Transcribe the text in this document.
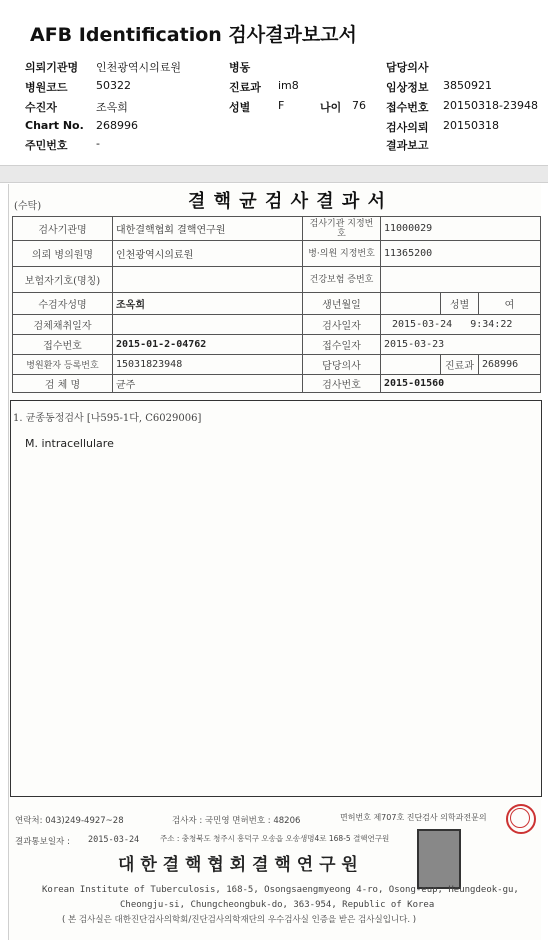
AFB Identification 검사결과보고서
의뢰기관명 인천광역시의료원	병동	담당의사
병원코드	50322	진료과 im8	임상정보 3850921
수진자	조옥희	성별	F	나이 76 접수번호 20150318-23948
Chart No. 268996	검사의뢰 20150318
주민번호	-	결과보고
(수탁)	결 핵 균 검 사 결 과 서
검사기관명	대한결핵협회 결핵연구원	검사기관 지정번호	11000029		
의뢰 병의원명	인천광역시의료원	병·의원 지정번호	11365200		
보험자기호(명칭)		건강보험 증번호			
수검자성명	조옥희	생년월일		성별	여
검체채취일자		검사일자	2015-03-24 9:34:22		
접수번호	2015-01-2-04762	접수일자	2015-03-23		
병원환자 등록번호	15031823948	담당의사		진료과	268996
검 체 명	균주	검사번호	2015-01560		
1. 균종동정검사 [나595-1다, C6029006]
M. intracellulare
연락처: 043)249-4927~28	검사자 : 국민영 면허번호 : 48206	면허번호 제707호 진단검사 의학과전문의
결과통보일자 : 2015-03-24	주소 : 충청북도 청주시 흥덕구 오송읍 오송생명4로 168-5 결핵연구원
대 한 결 핵 협 회 결 핵 연 구 원
Korean Institute of Tuberculosis, 168-5, Osongsaengmyeong 4-ro, Osong-eup, Heungdeok-gu,
Cheongju-si, Chungcheongbuk-do, 363-954, Republic of Korea
( 본 검사실은 대한진단검사의학회/진단검사의학재단의 우수검사실 인증을 받은 검사실입니다. )
